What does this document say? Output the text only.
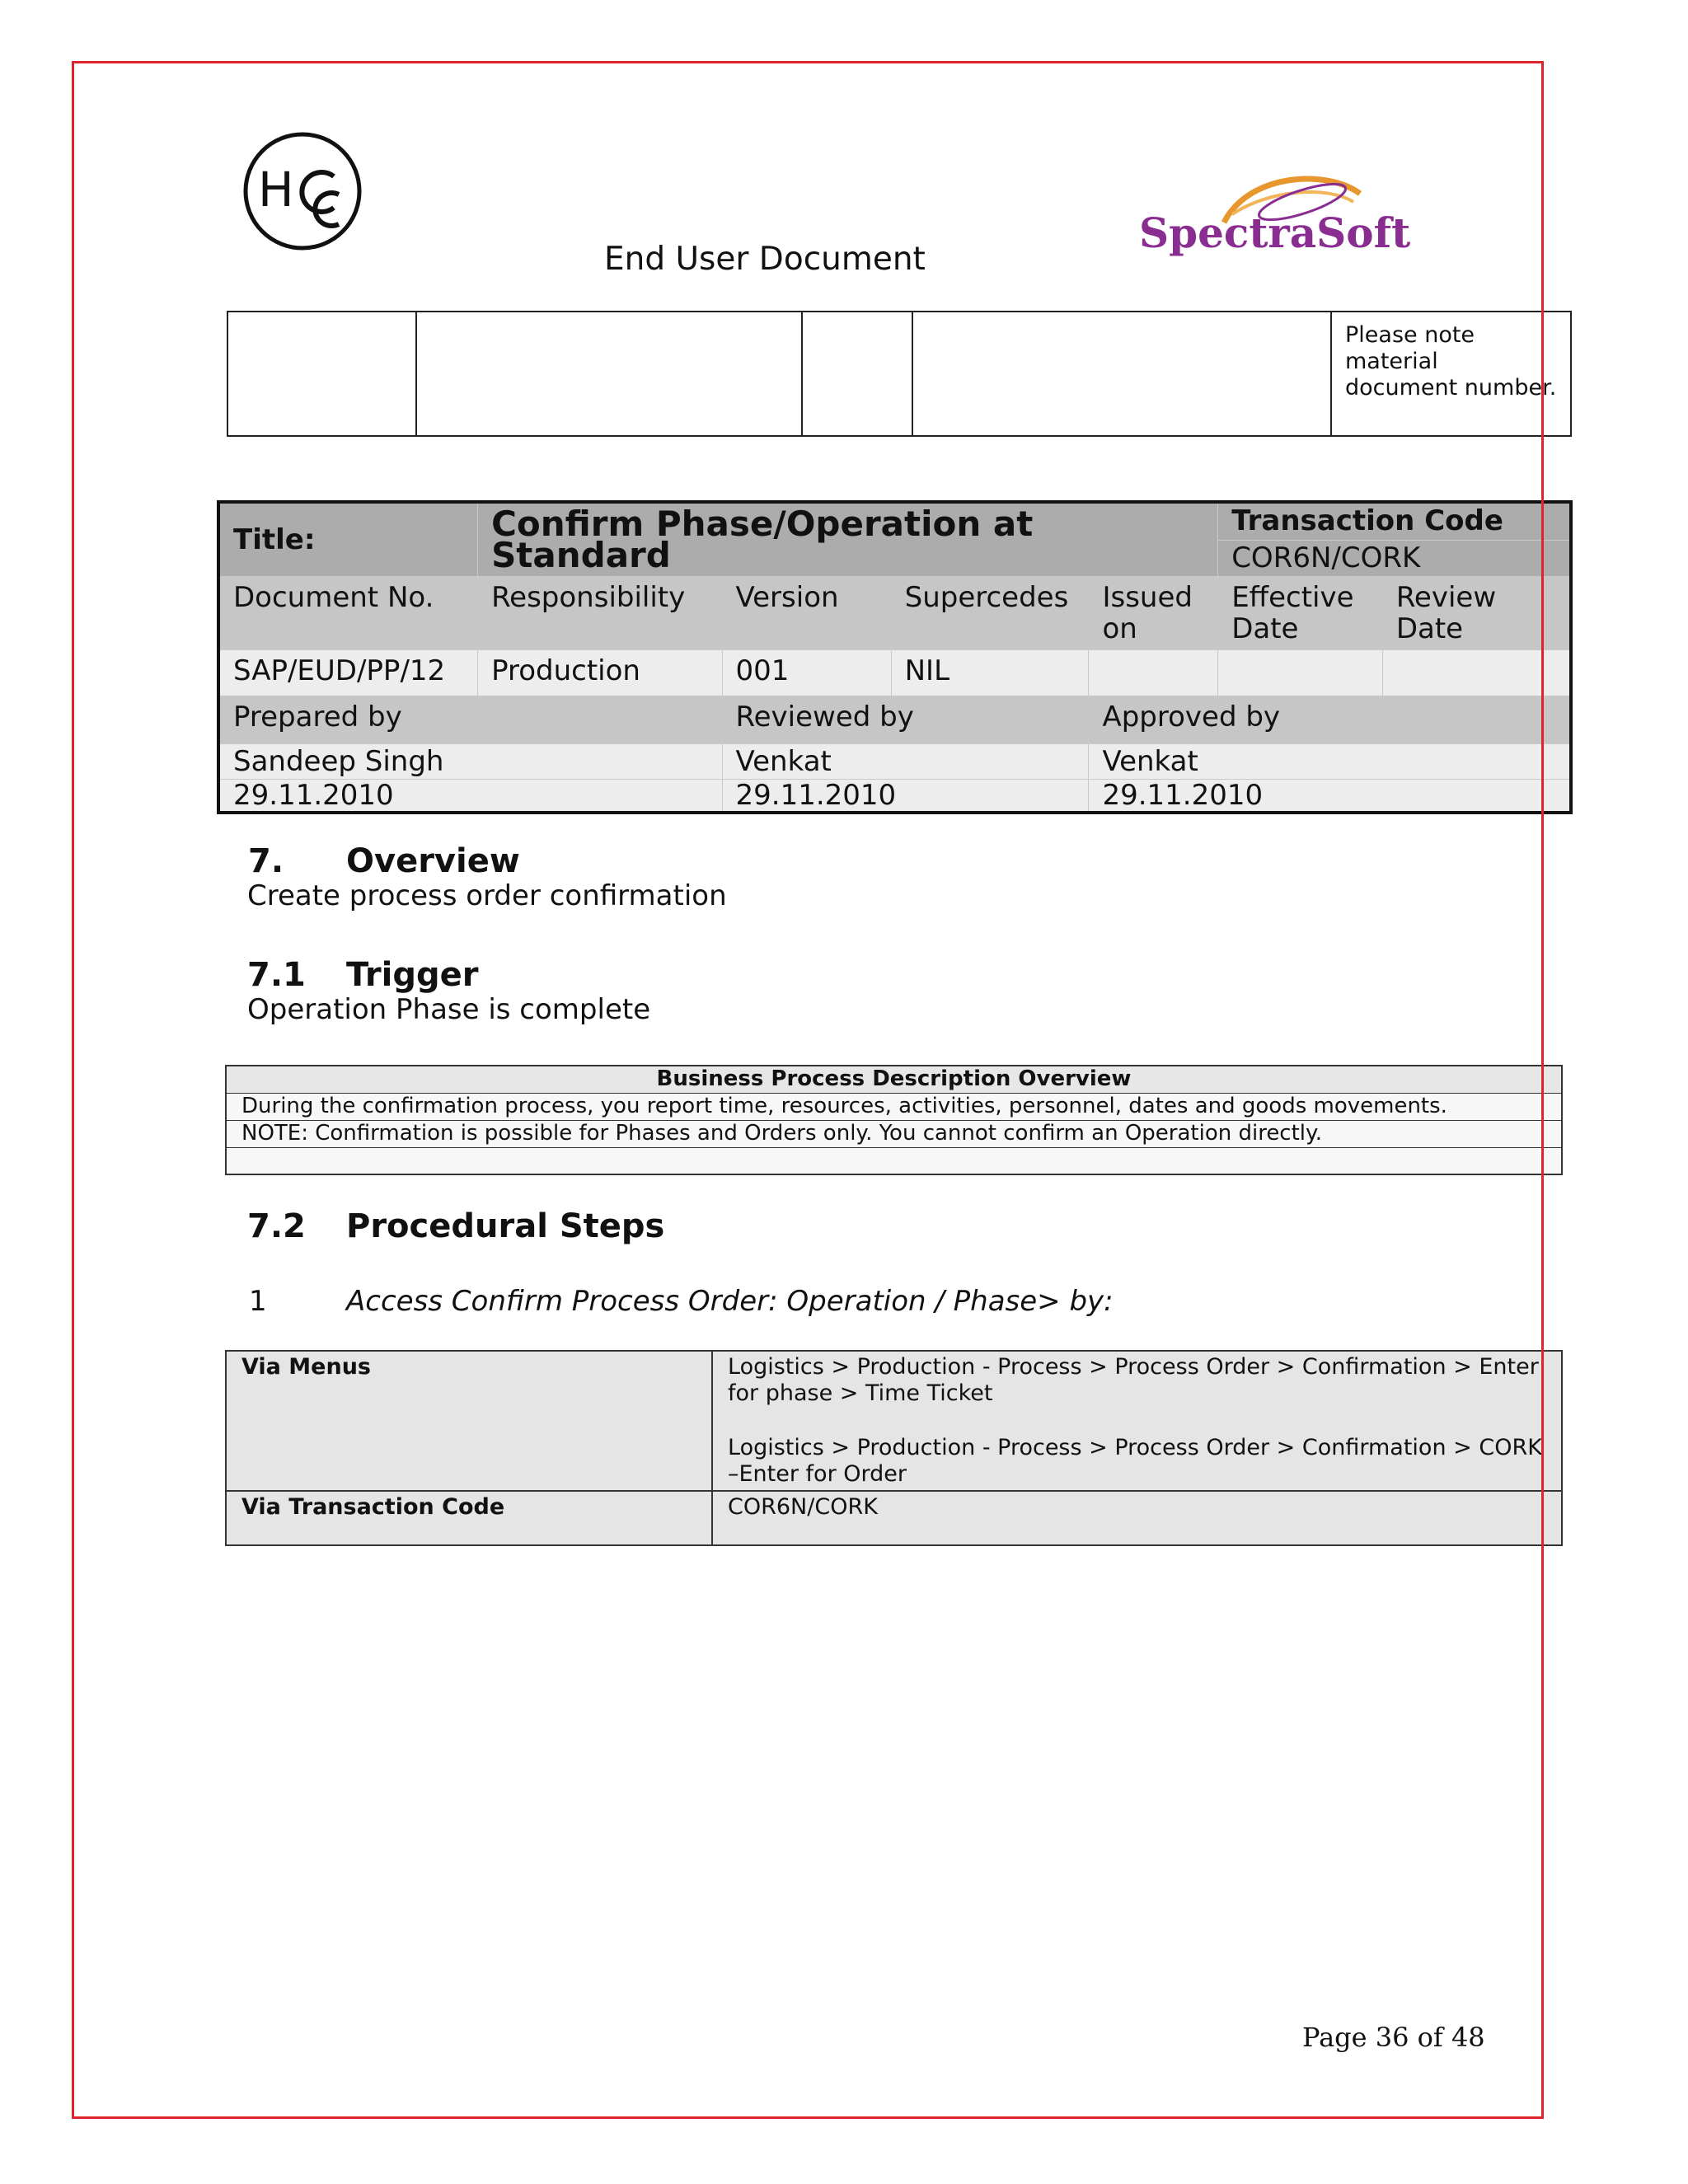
H
SpectraSoft
End User Document
				Please note material document number.
Title:	Confirm Phase/Operation at Standard				Transaction Code	
					COR6N/CORK	
Document No.	Responsibility	Version	Supercedes	Issued on	Effective Date	Review Date
SAP/EUD/PP/12	Production	001	NIL			
Prepared by		Reviewed by		Approved by		
Sandeep Singh		Venkat		Venkat		
29.11.2010		29.11.2010		29.11.2010		
7. Overview
Create process order confirmation
7.1 Trigger
Operation Phase is complete
Business Process Description Overview
During the confirmation process, you report time, resources, activities, personnel, dates and goods movements.
NOTE: Confirmation is possible for Phases and Orders only. You cannot confirm an Operation directly.

7.2 Procedural Steps
1	Access Confirm Process Order: Operation / Phase> by:
Via Menus	Logistics > Production - Process > Process Order > Confirmation > Enter for phase > Time Ticket
Logistics > Production - Process > Process Order > Confirmation > CORK –Enter for Order

Via Transaction Code	COR6N/CORK
Page 36 of 48
